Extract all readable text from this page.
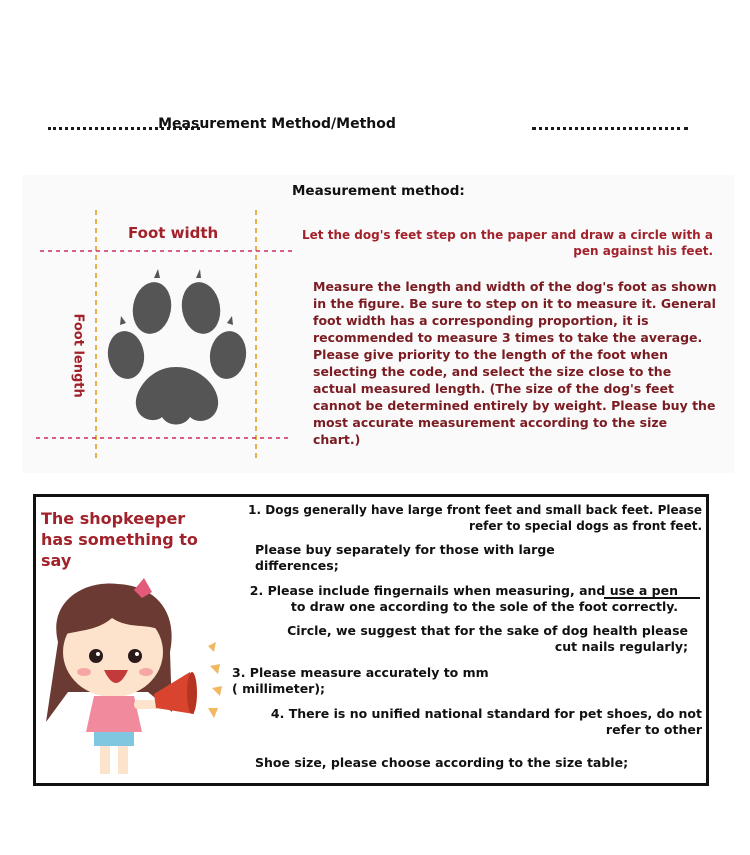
Measurement Method/Method
Measurement method:
Foot width
Foot length
Let the dog's feet step on the paper and draw a circle with a pen against his feet.
Measure the length and width of the dog's foot as shown in the figure. Be sure to step on it to measure it. General foot width has a corresponding proportion, it is recommended to measure 3 times to take the average. Please give priority to the length of the foot when selecting the code, and select the size close to the actual measured length. (The size of the dog's feet cannot be determined entirely by weight. Please buy the most accurate measurement according to the size chart.)
The shopkeeper has something to say
1. Dogs generally have large front feet and small back feet. Please refer to special dogs as front feet.
Please buy separately for those with large differences;
2. Please include fingernails when measuring, and use a pen to draw one according to the sole of the foot correctly.
Circle, we suggest that for the sake of dog health please cut nails regularly;
3. Please measure accurately to mm ( millimeter);
4. There is no unified national standard for pet shoes, do not refer to other
Shoe size, please choose according to the size table;
